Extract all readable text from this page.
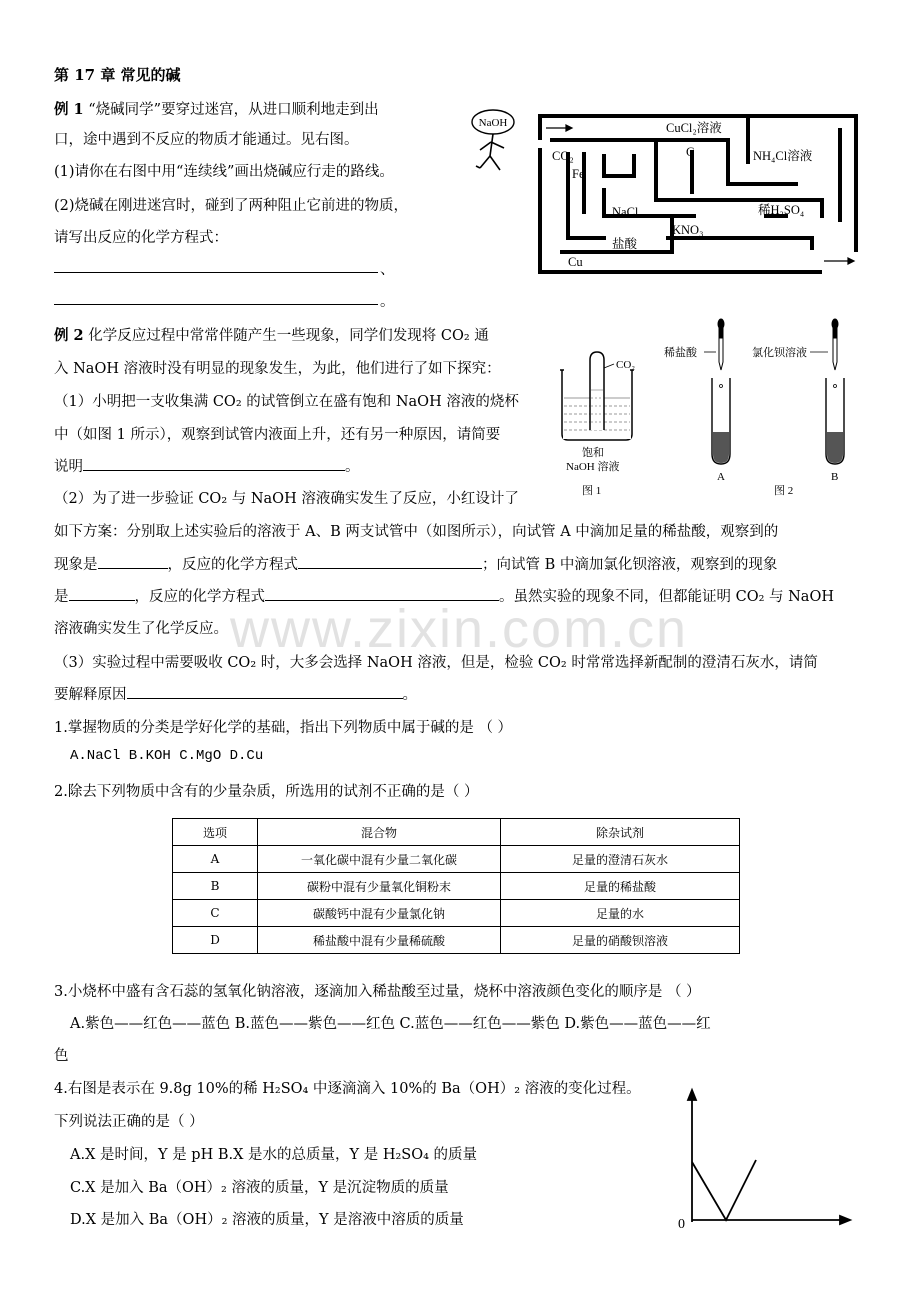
www.zixin.com.cn
第 17 章 常见的碱
例 1 “烧碱同学”要穿过迷宫，从进口顺利地走到出
口，途中遇到不反应的物质才能通过。见右图。
(1)请你在右图中用“连续线”画出烧碱应行走的路线。
(2)烧碱在刚进迷宫时，碰到了两种阻止它前进的物质，
请写出反应的化学方程式：
、
。
NaOH	CuCl₂溶液
CO₂	C	NH₄Cl溶液
Fe
NaCl	稀H₂SO₄
KNO₃
盐酸
Cu
例 2 化学反应过程中常常伴随产生一些现象，同学们发现将 CO₂ 通
入 NaOH 溶液时没有明显的现象发生，为此，他们进行了如下探究：
（1）小明把一支收集满 CO₂ 的试管倒立在盛有饱和 NaOH 溶液的烧杯
中（如图 1 所示），观察到试管内液面上升，还有另一种原因，请简要
说明	。
（2）为了进一步验证 CO₂ 与 NaOH 溶液确实发生了反应，小红设计了
如下方案：分别取上述实验后的溶液于 A、B 两支试管中（如图所示），向试管 A 中滴加足量的稀盐酸，观察到的
现象是	，反应的化学方程式	；向试管 B 中滴加氯化钡溶液，观察到的现象
是	，反应的化学方程式	。虽然实验的现象不同，但都能证明 CO₂ 与 NaOH
溶液确实发生了化学反应。
（3）实验过程中需要吸收 CO₂ 时，大多会选择 NaOH 溶液，但是，检验 CO₂ 时常常选择新配制的澄清石灰水，请简
要解释原因	。
CO₂
饱和
NaOH 溶液
图 1
稀盐酸	氯化钡溶液
A	B
图 2
1.掌握物质的分类是学好化学的基础，指出下列物质中属于碱的是 （ ）
A.NaCl B.KOH C.MgO D.Cu
2.除去下列物质中含有的少量杂质，所选用的试剂不正确的是（ ）
选项	混合物	除杂试剂
A	一氧化碳中混有少量二氧化碳	足量的澄清石灰水
B	碳粉中混有少量氧化铜粉末	足量的稀盐酸
C	碳酸钙中混有少量氯化钠	足量的水
D	稀盐酸中混有少量稀硫酸	足量的硝酸钡溶液
3.小烧杯中盛有含石蕊的氢氧化钠溶液，逐滴加入稀盐酸至过量，烧杯中溶液颜色变化的顺序是 （ ）
A.紫色——红色——蓝色 B.蓝色——紫色——红色 C.蓝色——红色——紫色 D.紫色——蓝色——红
色
4.右图是表示在 9.8g 10%的稀 H₂SO₄ 中逐滴滴入 10%的 Ba（OH）₂ 溶液的变化过程。
下列说法正确的是（ ）
A.X 是时间，Y 是 pH B.X 是水的总质量，Y 是 H₂SO₄ 的质量
C.X 是加入 Ba（OH）₂ 溶液的质量，Y 是沉淀物质的质量
D.X 是加入 Ba（OH）₂ 溶液的质量，Y 是溶液中溶质的质量	0
